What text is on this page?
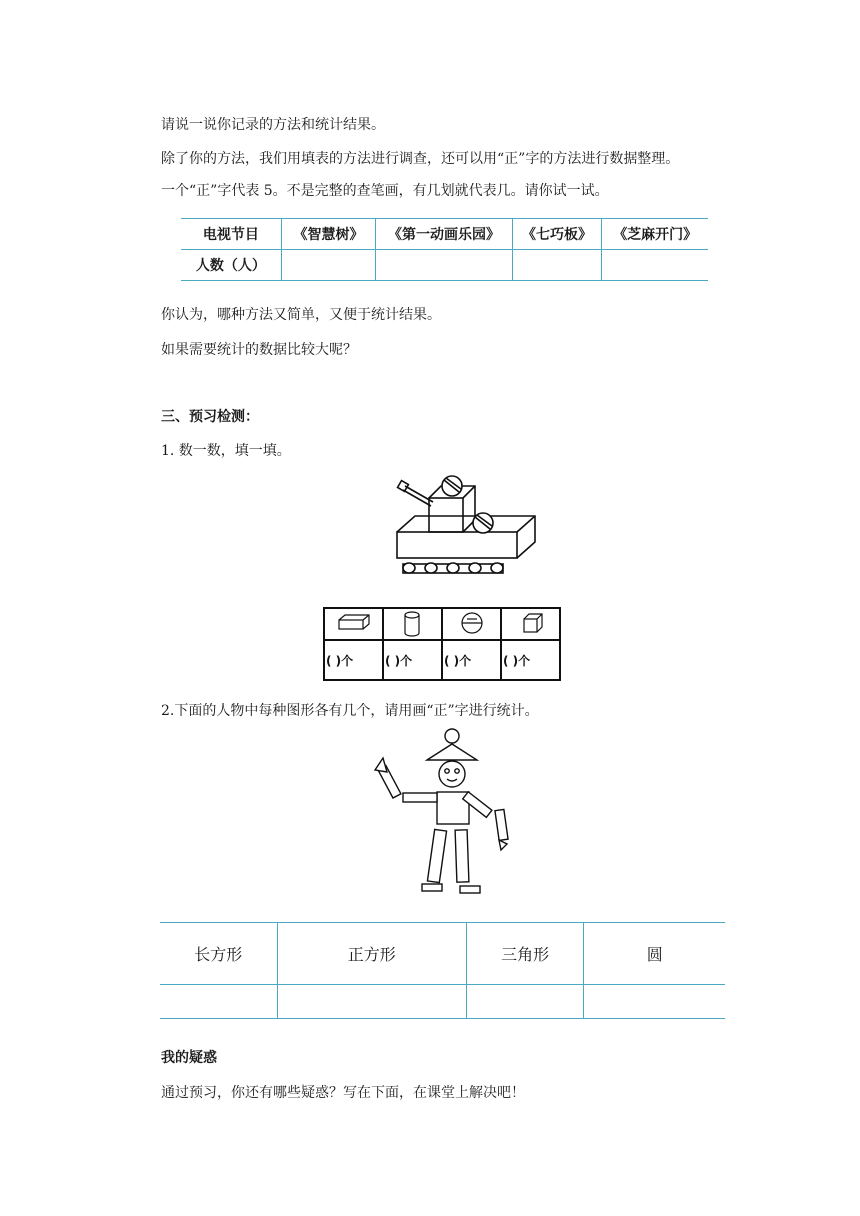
请说一说你记录的方法和统计结果。
除了你的方法，我们用填表的方法进行调查，还可以用“正”字的方法进行数据整理。
一个“正”字代表 5。不是完整的查笔画，有几划就代表几。请你试一试。
电视节目	《智慧树》	《第一动画乐园》	《七巧板》	《芝麻开门》
人数（人）				
你认为，哪种方法又简单，又便于统计结果。
如果需要统计的数据比较大呢？
三、预习检测：
1. 数一数，填一填。
( )个	( )个	( )个	( )个
2.下面的人物中每种图形各有几个，请用画“正”字进行统计。
长方形	正方形	三角形	圆

我的疑惑
通过预习，你还有哪些疑惑？写在下面，在课堂上解决吧！
